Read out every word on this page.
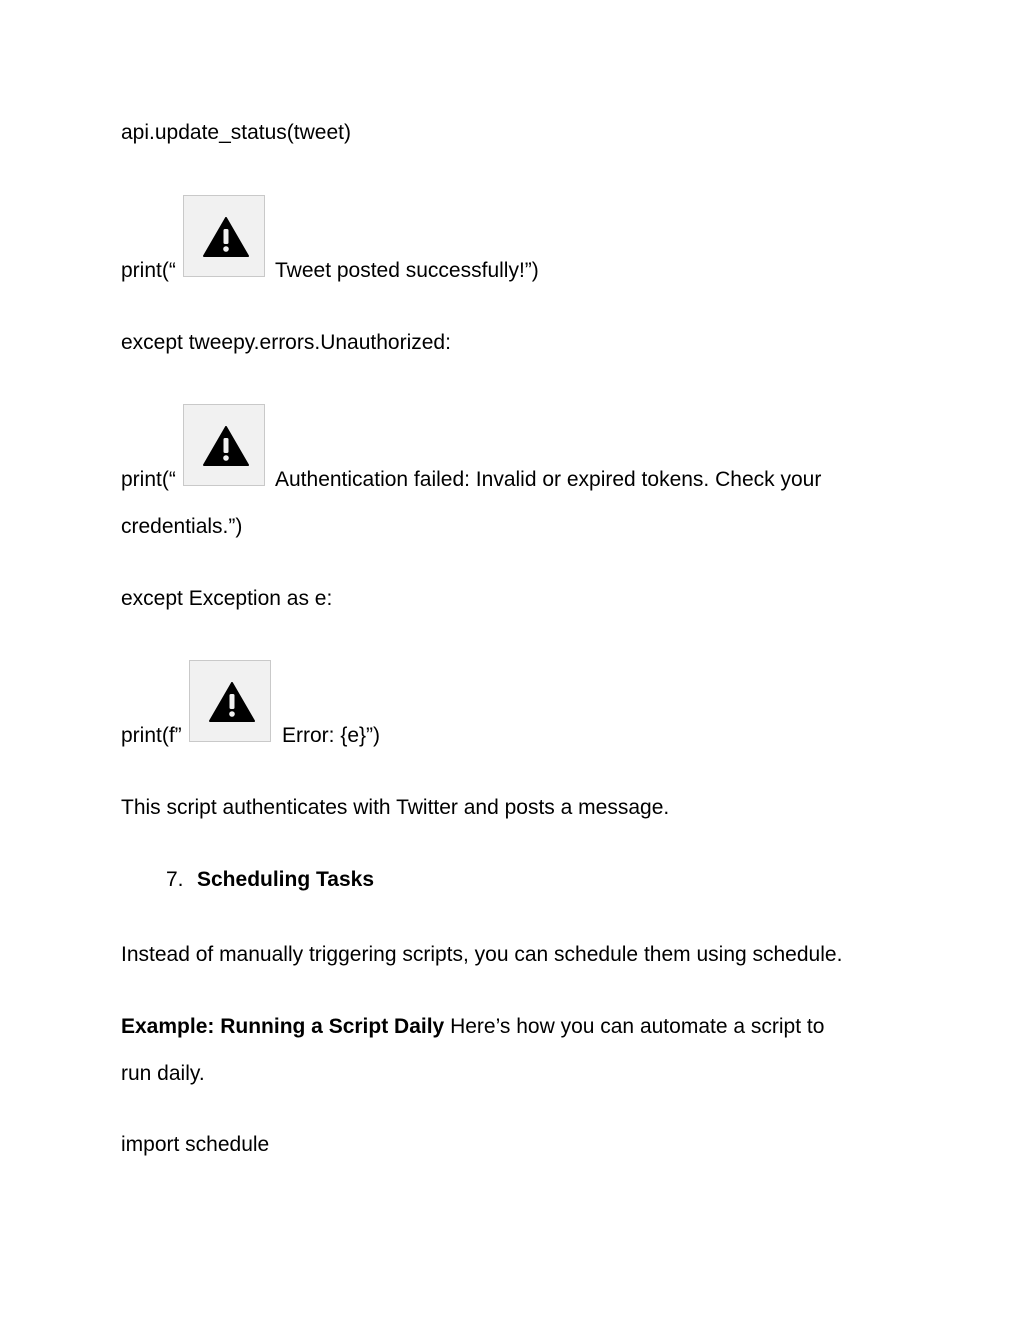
api.update_status(tweet)
print(“	Tweet posted successfully!”)
except tweepy.errors.Unauthorized:
print(“	Authentication failed: Invalid or expired tokens. Check your
credentials.”)
except Exception as e:
print(f”	Error: {e}”)
This script authenticates with Twitter and posts a message.
7. Scheduling Tasks
Instead of manually triggering scripts, you can schedule them using schedule.
Example: Running a Script Daily Here’s how you can automate a script to
run daily.
import schedule
